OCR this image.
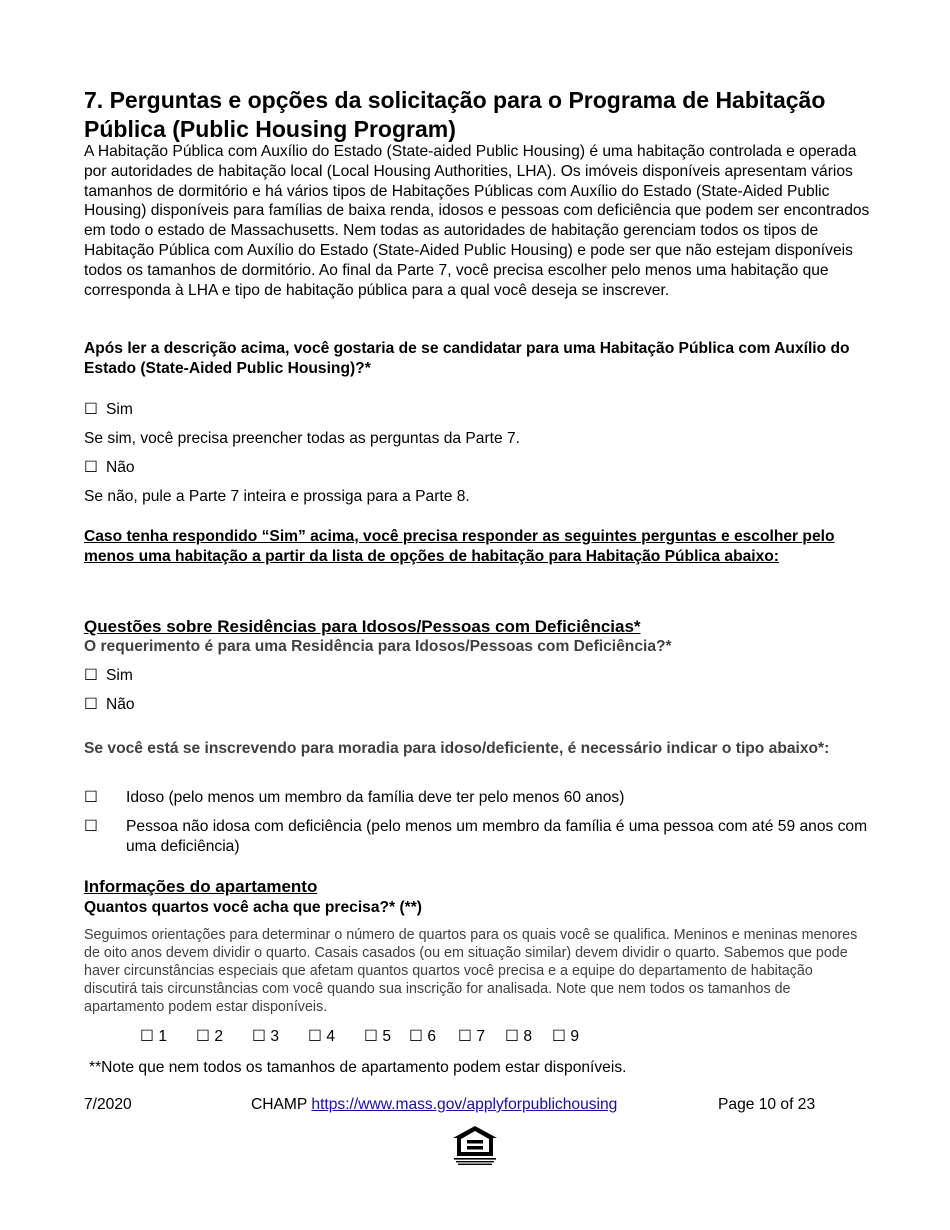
7. Perguntas e opções da solicitação para o Programa de Habitação Pública (Public Housing Program)

A Habitação Pública com Auxílio do Estado (State-aided Public Housing) é uma habitação controlada e operada por autoridades de habitação local (Local Housing Authorities, LHA). Os imóveis disponíveis apresentam vários tamanhos de dormitório e há vários tipos de Habitações Públicas com Auxílio do Estado (State-Aided Public Housing) disponíveis para famílias de baixa renda, idosos e pessoas com deficiência que podem ser encontrados em todo o estado de Massachusetts. Nem todas as autoridades de habitação gerenciam todos os tipos de Habitação Pública com Auxílio do Estado (State-Aided Public Housing) e pode ser que não estejam disponíveis todos os tamanhos de dormitório. Ao final da Parte 7, você precisa escolher pelo menos uma habitação que corresponda à LHA e tipo de habitação pública para a qual você deseja se inscrever.

Após ler a descrição acima, você gostaria de se candidatar para uma Habitação Pública com Auxílio do Estado (State-Aided Public Housing)?*

☐ Sim
Se sim, você precisa preencher todas as perguntas da Parte 7.
☐ Não
Se não, pule a Parte 7 inteira e prossiga para a Parte 8.

Caso tenha respondido “Sim” acima, você precisa responder as seguintes perguntas e escolher pelo menos uma habitação a partir da lista de opções de habitação para Habitação Pública abaixo:

Questões sobre Residências para Idosos/Pessoas com Deficiências*

O requerimento é para uma Residência para Idosos/Pessoas com Deficiência?*

☐ Sim
☐ Não

Se você está se inscrevendo para moradia para idoso/deficiente, é necessário indicar o tipo abaixo*:

☐	Idoso (pelo menos um membro da família deve ter pelo menos 60 anos)
☐	Pessoa não idosa com deficiência (pelo menos um membro da família é uma pessoa com até 59 anos com uma deficiência)
Informações do apartamento

Quantos quartos você acha que precisa?* (**)

Seguimos orientações para determinar o número de quartos para os quais você se qualifica. Meninos e meninas menores de oito anos devem dividir o quarto. Casais casados (ou em situação similar) devem dividir o quarto. Sabemos que pode haver circunstâncias especiais que afetam quantos quartos você precisa e a equipe do departamento de habitação discutirá tais circunstâncias com você quando sua inscrição for analisada. Note que nem todos os tamanhos de apartamento podem estar disponíveis.

☐ 1 ☐ 2 ☐ 3 ☐ 4 ☐ 5 ☐ 6 ☐ 7 ☐ 8 ☐ 9
**Note que nem todos os tamanhos de apartamento podem estar disponíveis.
7/2020	CHAMP https://www.mass.gov/applyforpublichousing	Page 10 of 23
